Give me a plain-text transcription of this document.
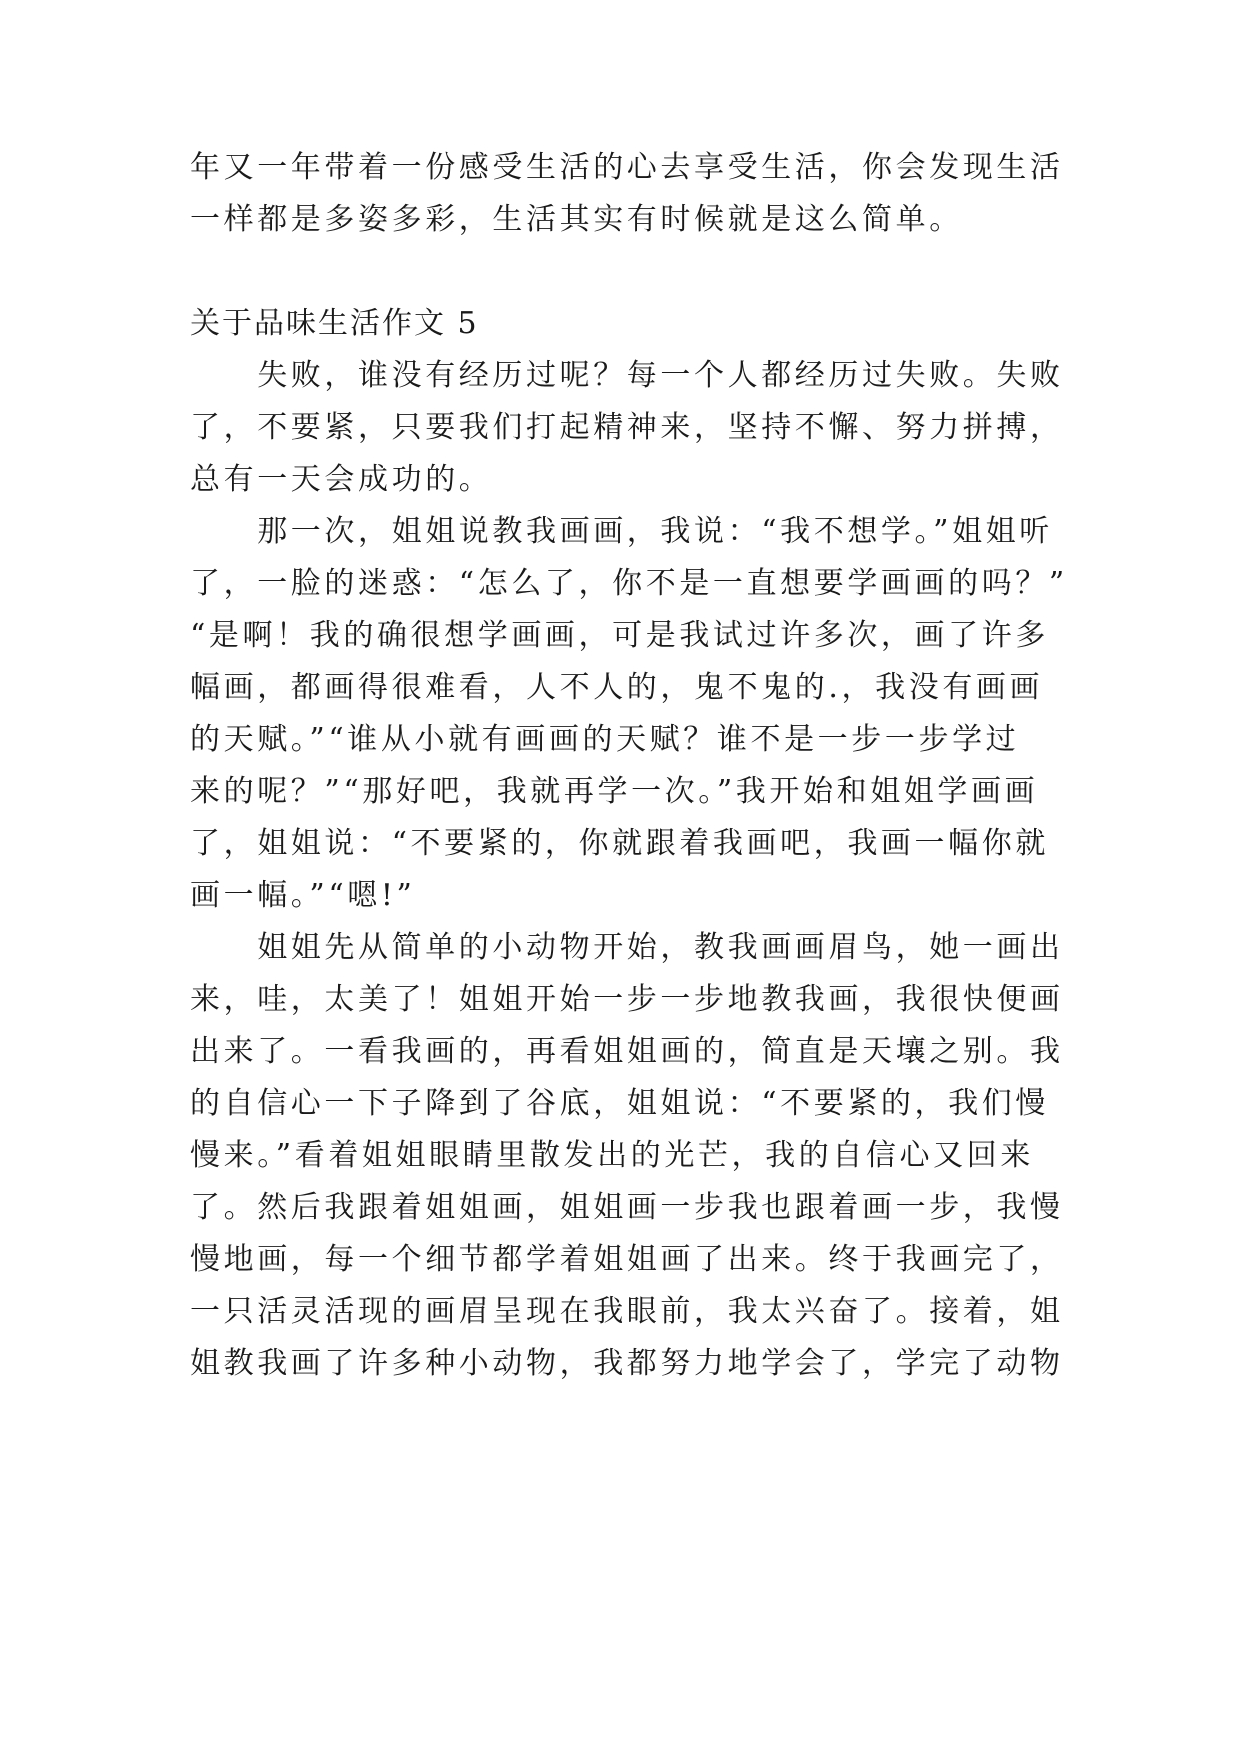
年又一年带着一份感受生活的心去享受生活，你会发现生活
一样都是多姿多彩，生活其实有时候就是这么简单。
关于品味生活作文 5
　　失败，谁没有经历过呢？每一个人都经历过失败。失败
了，不要紧，只要我们打起精神来，坚持不懈、努力拼搏，
总有一天会成功的。
　　那一次，姐姐说教我画画，我说：“我不想学。”姐姐听
了，一脸的迷惑：“怎么了，你不是一直想要学画画的吗？”
“是啊！我的确很想学画画，可是我试过许多次，画了许多
幅画，都画得很难看，人不人的，鬼不鬼的.，我没有画画
的天赋。”“谁从小就有画画的天赋？谁不是一步一步学过
来的呢？”“那好吧，我就再学一次。”我开始和姐姐学画画
了，姐姐说：“不要紧的，你就跟着我画吧，我画一幅你就
画一幅。”“嗯!”
　　姐姐先从简单的小动物开始，教我画画眉鸟，她一画出
来，哇，太美了！姐姐开始一步一步地教我画，我很快便画
出来了。一看我画的，再看姐姐画的，简直是天壤之别。我
的自信心一下子降到了谷底，姐姐说：“不要紧的，我们慢
慢来。”看着姐姐眼睛里散发出的光芒，我的自信心又回来
了。然后我跟着姐姐画，姐姐画一步我也跟着画一步，我慢
慢地画，每一个细节都学着姐姐画了出来。终于我画完了，
一只活灵活现的画眉呈现在我眼前，我太兴奋了。接着，姐
姐教我画了许多种小动物，我都努力地学会了，学完了动物
